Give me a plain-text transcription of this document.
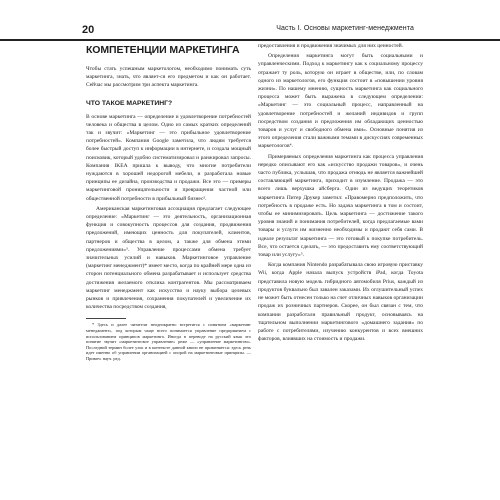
20	Часть I. Основы маркетинг-менеджмента
КОМПЕТЕНЦИИ МАРКЕТИНГА

Чтобы стать успешным маркетологом, необходимо понимать суть маркетинга, знать, что являет-ся его предметом и как он работает. Сейчас мы рассмотрим три аспекта маркетинга.

ЧТО ТАКОЕ МАРКЕТИНГ?

В основе маркетинга — определение и удовлетворение потребностей человека и общества в целом. Одно из самых кратких определений так и звучит: «Маркетинг — это прибыльное удовлетворение потребностей». Компания Google заметила, что людям требуется более быстрый доступ к информации в интернете, и создала мощный поисковик, который удобно систематизировал и ранжировал запросы. Компания IKEA пришла к выводу, что многие потребители нуждаются в хорошей недорогой мебели, и разработала новые принципы ее дизайна, производства и продажи. Все это — примеры маркетинговой проницательности и превращения частной или общественной потребности в прибыльный бизнес².

Американская маркетинговая ассоциация предлагает следующее определение: «Маркетинг — это деятельность, организационная функция и совокупность процессов для создания, продвижения предложений, имеющих ценность для покупателей, клиентов, партнеров и общества в целом, а также для обмена этими предложениями»³. Управление процессами обмена требует значительных усилий и навыков. Маркетинговое управление (маркетинг менеджмент)* имеет место, когда по крайней мере одна из сторон потенциального обмена разрабатывает и использует средства достижения желаемого отклика контрагентов. Мы рассматриваем маркетинг менеджмент как искусство и науку выбора целевых рынков и привлечения, сохранения покупателей и увеличение их количества посредством создания,

* Здесь и далее читатели неоднократно встретятся с понятием «маркетинг менеджмент», под которым чаще всего понимается управление предприятием с использованием принципов маркетинга. Иногда в переводе на русский язык это понятие звучит «маркетинговое управление» реже — «управление маркетингом». Последний термин более узок и в контексте данной книги не применяется: здесь речь идет именно об управлении организацией с опорой на маркетинговые принципы. — Примеч. науч. ред.

предоставления и продвижения значимых для них ценностей.

Определения маркетинга могут быть социальными и управленческими. Подход к маркетингу как к социальному процессу отражает ту роль, которую он играет в обществе, или, по словам одного из маркетологов, его функция состоит в «повышении уровня жизни». По нашему мнению, сущность маркетинга как социального процесса может быть выражена в следующем определении: «Маркетинг — это социальный процесс, направленный на удовлетворение потребностей и желаний индивидов и групп посредством создания и предложения им обладающих ценностью товаров и услуг и свободного обмена ими». Основные понятия из этого определения стали важными темами в дискуссиях современных маркетологов⁴.

Примеряемых определения маркетинга как процесса управления нередко описывают его как «искусство продажи товаров», и очень часто публика, услышав, что продажа отнюдь не является важнейшей составляющей маркетинга, приходит в изумление. Продажа — это всего лишь верхушка айсберга. Один из ведущих теоретиков маркетинга Питер Друкер заметил: «Правомерно предположить, что потребность в продаже есть. Но задача маркетинга в том и состоит, чтобы ее минимизировать. Цель маркетинга — достижение такого уровня знаний и понимания потребителей, когда предлагаемые вами товары и услуги им жизненно необходимы и продают себя сами. В идеале результат маркетинга — это готовый к покупке потребитель. Все, что остается сделать, — это предоставить ему соответствующий товар или услугу»⁵.

Когда компания Nintendo разрабатывала свою игровую приставку Wii, когда Apple начала выпуск устройств iPad, когда Toyota представила новую модель гибридного автомобиля Prius, каждый из продуктов буквально был завален заказами. Их оглушительный успех не может быть отнесен только на счет отличных навыков организации продаж их розничных партнеров. Скорее, он был связан с тем, что компании разработали правильный продукт, основываясь на тщательном выполнении маркетингового «домашнего задания» по работе с потребителями, изучению конкурентов и всех внешних факторов, влиявших на стоимость и продажи.
